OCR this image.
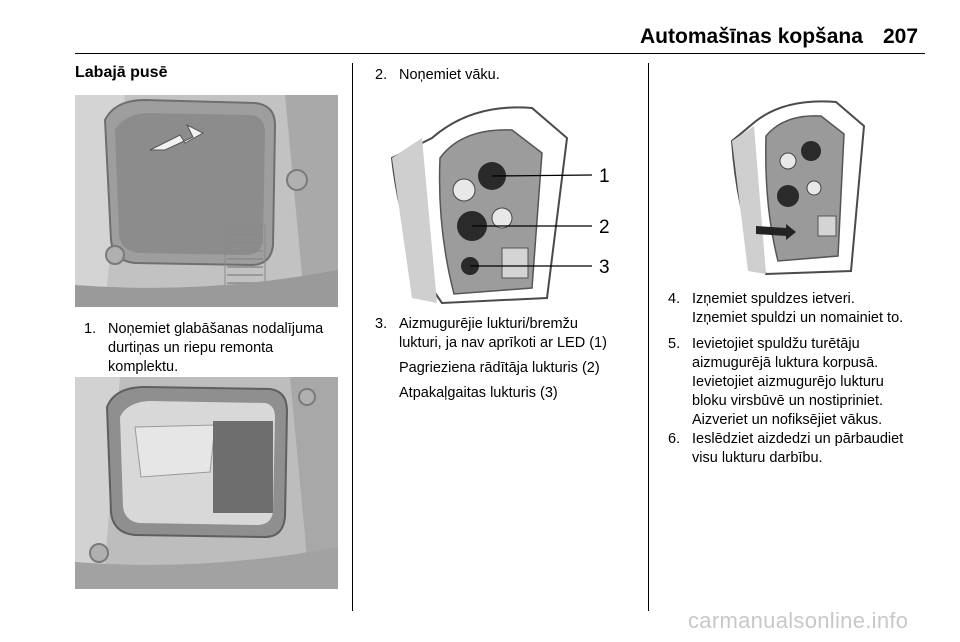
Automašīnas kopšana 207
Labajā pusē
1. Noņemiet glabāšanas nodalījuma

durtiņas un riepu remonta

komplektu.

2. Noņemiet vāku.

1
2
3
3. Aizmugurējie lukturi/bremžu

lukturi, ja nav aprīkoti ar LED (1)

Pagrieziena rādītāja lukturis (2)

Atpakaļgaitas lukturis (3)

4. Izņemiet spuldzes ietveri.

Izņemiet spuldzi un nomainiet to.

5. Ievietojiet spuldžu turētāju

aizmugurējā luktura korpusā.

Ievietojiet aizmugurējo lukturu

bloku virsbūvē un nostipriniet.

Aizveriet un nofiksējiet vākus.

6. Ieslēdziet aizdedzi un pārbaudiet

visu lukturu darbību.

carmanualsonline.info
